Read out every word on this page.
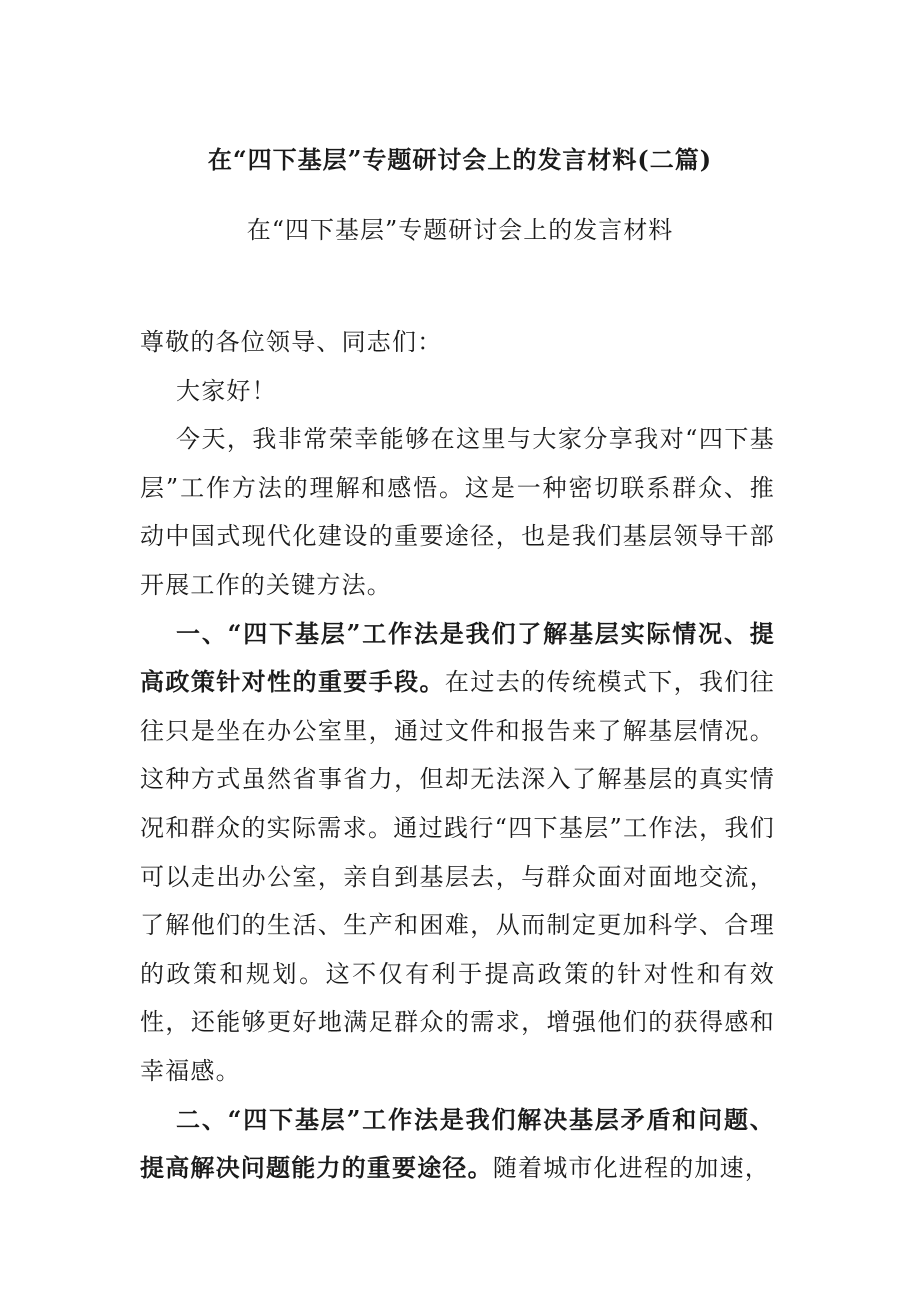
在“四下基层”专题研讨会上的发言材料(二篇)
在“四下基层”专题研讨会上的发言材料

尊敬的各位领导、同志们：

大家好！

今天，我非常荣幸能够在这里与大家分享我对“四下基层”工作方法的理解和感悟。这是一种密切联系群众、推动中国式现代化建设的重要途径，也是我们基层领导干部开展工作的关键方法。

一、“四下基层”工作法是我们了解基层实际情况、提高政策针对性的重要手段。在过去的传统模式下，我们往往只是坐在办公室里，通过文件和报告来了解基层情况。这种方式虽然省事省力，但却无法深入了解基层的真实情况和群众的实际需求。通过践行“四下基层”工作法，我们可以走出办公室，亲自到基层去，与群众面对面地交流，了解他们的生活、生产和困难，从而制定更加科学、合理的政策和规划。这不仅有利于提高政策的针对性和有效性，还能够更好地满足群众的需求，增强他们的获得感和幸福感。

二、“四下基层”工作法是我们解决基层矛盾和问题、提高解决问题能力的重要途径。随着城市化进程的加速，
